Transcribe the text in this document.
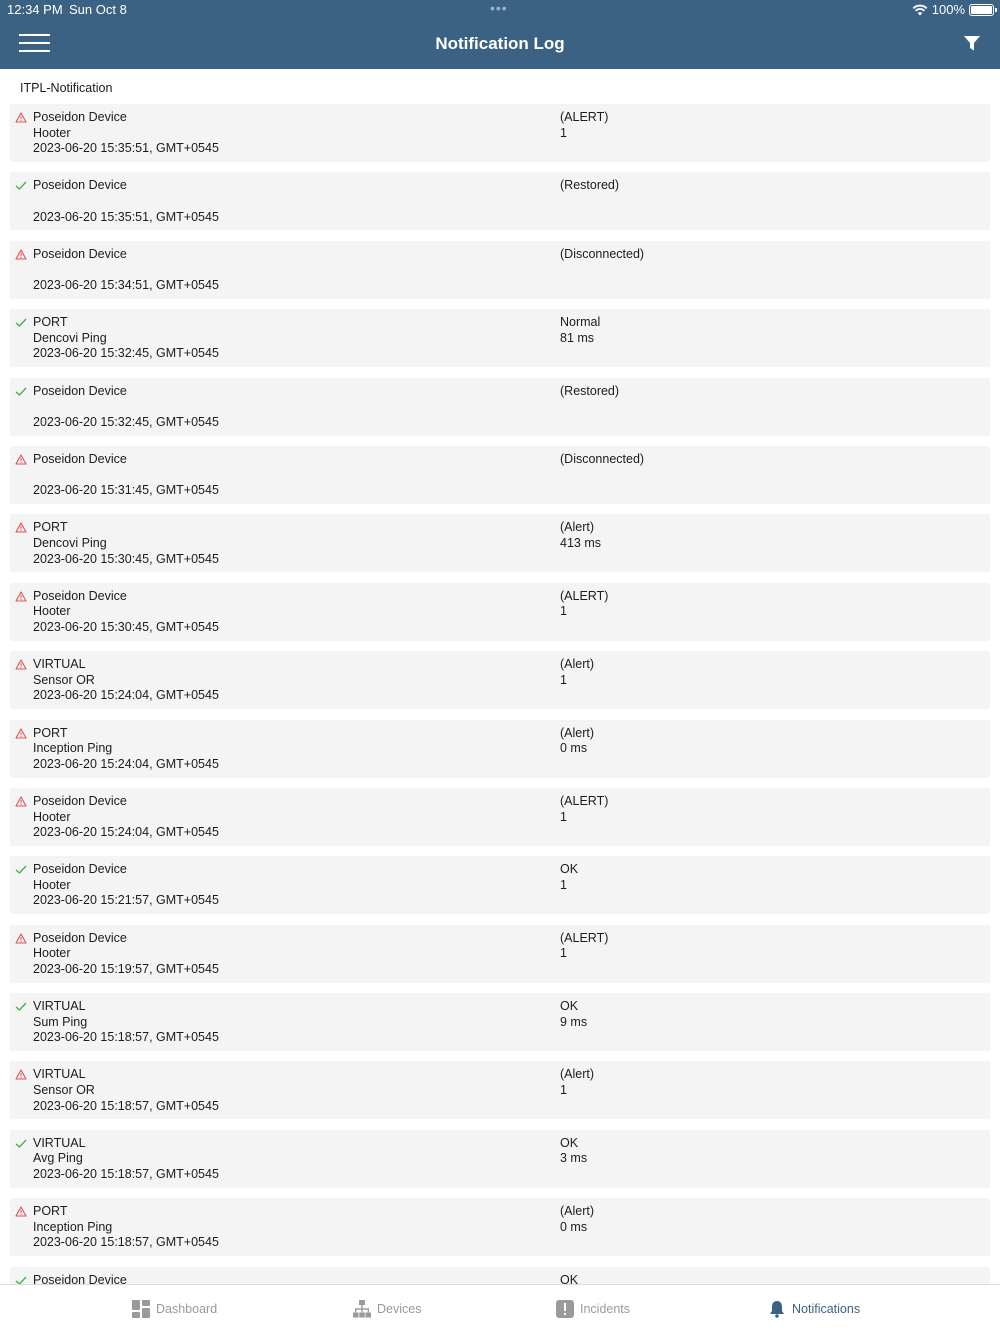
12:34 PM Sun Oct 8	•••	100%
Notification Log
ITPL-Notification
Poseidon Device
Hooter
2023-06-20 15:35:51, GMT+0545
(ALERT)
1
Poseidon Device
2023-06-20 15:35:51, GMT+0545
(Restored)
Poseidon Device
2023-06-20 15:34:51, GMT+0545
(Disconnected)
PORT
Dencovi Ping
2023-06-20 15:32:45, GMT+0545
Normal
81 ms
Poseidon Device
2023-06-20 15:32:45, GMT+0545
(Restored)
Poseidon Device
2023-06-20 15:31:45, GMT+0545
(Disconnected)
PORT
Dencovi Ping
2023-06-20 15:30:45, GMT+0545
(Alert)
413 ms
Poseidon Device
Hooter
2023-06-20 15:30:45, GMT+0545
(ALERT)
1
VIRTUAL
Sensor OR
2023-06-20 15:24:04, GMT+0545
(Alert)
1
PORT
Inception Ping
2023-06-20 15:24:04, GMT+0545
(Alert)
0 ms
Poseidon Device
Hooter
2023-06-20 15:24:04, GMT+0545
(ALERT)
1
Poseidon Device
Hooter
2023-06-20 15:21:57, GMT+0545
OK
1
Poseidon Device
Hooter
2023-06-20 15:19:57, GMT+0545
(ALERT)
1
VIRTUAL
Sum Ping
2023-06-20 15:18:57, GMT+0545
OK
9 ms
VIRTUAL
Sensor OR
2023-06-20 15:18:57, GMT+0545
(Alert)
1
VIRTUAL
Avg Ping
2023-06-20 15:18:57, GMT+0545
OK
3 ms
PORT
Inception Ping
2023-06-20 15:18:57, GMT+0545
(Alert)
0 ms
Poseidon Device	OK
Dashboard	Devices	Incidents	Notifications
